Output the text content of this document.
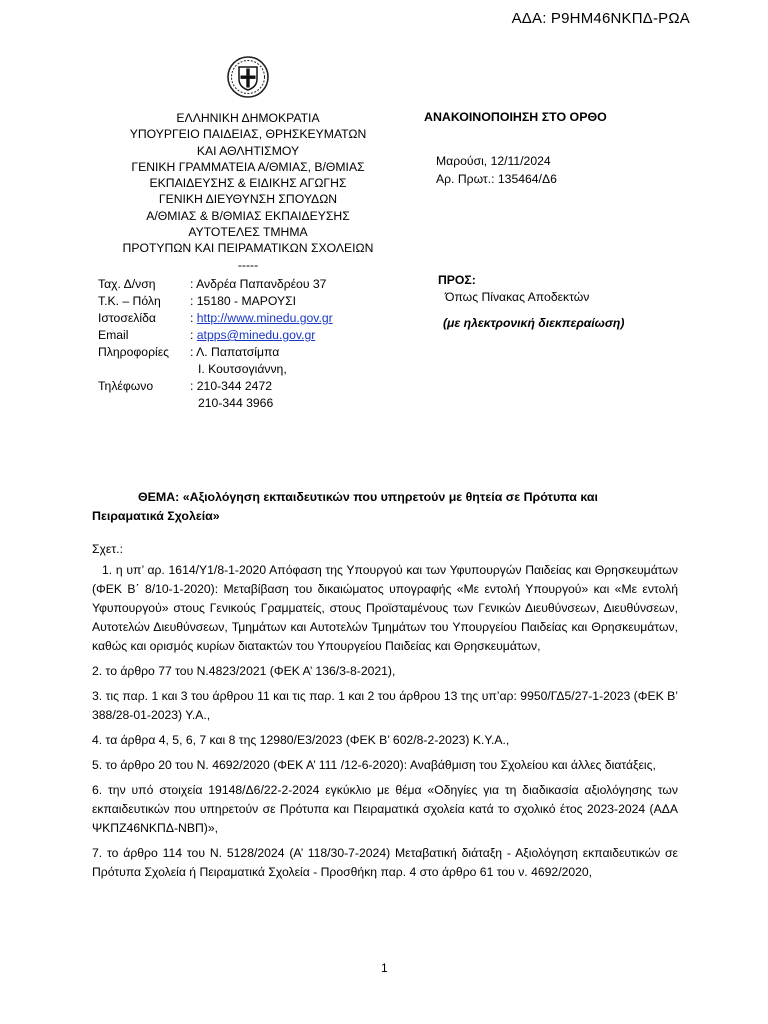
ΑΔΑ: Ρ9ΗΜ46ΝΚΠΔ-ΡΩΑ
ΕΛΛΗΝΙΚΗ ΔΗΜΟΚΡΑΤΙΑ
ΥΠΟΥΡΓΕΙΟ ΠΑΙΔΕΙΑΣ, ΘΡΗΣΚΕΥΜΑΤΩΝ
ΚΑΙ ΑΘΛΗΤΙΣΜΟΥ
ΓΕΝΙΚΗ ΓΡΑΜΜΑΤΕΙΑ Α/ΘΜΙΑΣ, Β/ΘΜΙΑΣ
ΕΚΠΑΙΔΕΥΣΗΣ & ΕΙΔΙΚΗΣ ΑΓΩΓΗΣ
ΓΕΝΙΚΗ ΔΙΕΥΘΥΝΣΗ ΣΠΟΥΔΩΝ
Α/ΘΜΙΑΣ & Β/ΘΜΙΑΣ ΕΚΠΑΙΔΕΥΣΗΣ
ΑΥΤΟΤΕΛΕΣ ΤΜΗΜΑ
ΠΡΟΤΥΠΩΝ ΚΑΙ ΠΕΙΡΑΜΑΤΙΚΩΝ ΣΧΟΛΕΙΩΝ
-----
ΑΝΑΚΟΙΝΟΠΟΙΗΣΗ ΣΤΟ ΟΡΘΟ
Μαρούσι, 12/11/2024
Αρ. Πρωτ.: 135464/Δ6
Ταχ. Δ/νση	: Ανδρέα Παπανδρέου 37
Τ.Κ. – Πόλη	: 15180 - ΜΑΡΟΥΣΙ
Ιστοσελίδα	: http://www.minedu.gov.gr
Email	: atpps@minedu.gov.gr
Πληροφορίες	: Λ. Παπατσίμπα
Ι. Κουτσογιάννη,
Τηλέφωνο	: 210-344 2472
210-344 3966
ΠΡΟΣ:
Όπως Πίνακας Αποδεκτών
(με ηλεκτρονική διεκπεραίωση)
ΘΕΜΑ: «Αξιολόγηση εκπαιδευτικών που υπηρετούν με θητεία σε Πρότυπα και
Πειραματικά Σχολεία»
Σχετ.:
1. η υπ’ αρ. 1614/Υ1/8-1-2020 Απόφαση της Υπουργού και των Υφυπουργών Παιδείας και Θρησκευμάτων (ΦΕΚ Β΄ 8/10-1-2020): Μεταβίβαση του δικαιώματος υπογραφής «Με εντολή Υπουργού» και «Με εντολή Υφυπουργού» στους Γενικούς Γραμματείς, στους Προϊσταμένους των Γενικών Διευθύνσεων, Διευθύνσεων, Αυτοτελών Διευθύνσεων, Τμημάτων και Αυτοτελών Τμημάτων του Υπουργείου Παιδείας και Θρησκευμάτων, καθώς και ορισμός κυρίων διατακτών του Υπουργείου Παιδείας και Θρησκευμάτων,
2. το άρθρο 77 του Ν.4823/2021 (ΦΕΚ Α’ 136/3-8-2021),
3. τις παρ. 1 και 3 του άρθρου 11 και τις παρ. 1 και 2 του άρθρου 13 της υπ’αρ: 9950/ΓΔ5/27-1-2023 (ΦΕΚ Β’ 388/28-01-2023) Υ.Α.,
4. τα άρθρα 4, 5, 6, 7 και 8 της 12980/Ε3/2023 (ΦΕΚ Β’ 602/8-2-2023) Κ.Υ.Α.,
5. το άρθρο 20 του Ν. 4692/2020 (ΦΕΚ Α’ 111 /12-6-2020): Αναβάθμιση του Σχολείου και άλλες διατάξεις,
6. την υπό στοιχεία 19148/Δ6/22-2-2024 εγκύκλιο με θέμα «Οδηγίες για τη διαδικασία αξιολόγησης των εκπαιδευτικών που υπηρετούν σε Πρότυπα και Πειραματικά σχολεία κατά το σχολικό έτος 2023-2024 (ΑΔΑ ΨΚΠΖ46ΝΚΠΔ-ΝΒΠ)»,
7. το άρθρο 114 του Ν. 5128/2024 (Α’ 118/30-7-2024) Μεταβατική διάταξη - Αξιολόγηση εκπαιδευτικών σε Πρότυπα Σχολεία ή Πειραματικά Σχολεία - Προσθήκη παρ. 4 στο άρθρο 61 του ν. 4692/2020,
1
